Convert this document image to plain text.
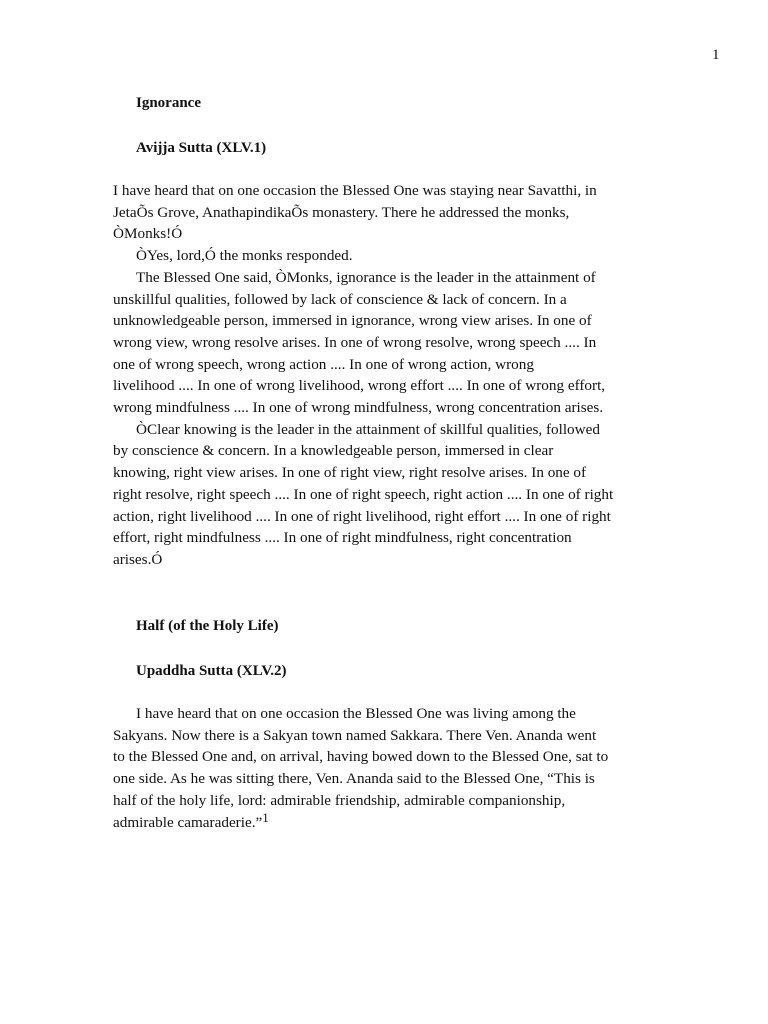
1
Ignorance
Avijja Sutta (XLV.1)
I have heard that on one occasion the Blessed One was staying near Savatthi, in
JetaÕs Grove, AnathapindikaÕs monastery. There he addressed the monks,
ÒMonks!Ó
ÒYes, lord,Ó the monks responded.
The Blessed One said, ÒMonks, ignorance is the leader in the attainment of
unskillful qualities, followed by lack of conscience & lack of concern. In a
unknowledgeable person, immersed in ignorance, wrong view arises. In one of
wrong view, wrong resolve arises. In one of wrong resolve, wrong speech .... In
one of wrong speech, wrong action .... In one of wrong action, wrong
livelihood .... In one of wrong livelihood, wrong effort .... In one of wrong effort,
wrong mindfulness .... In one of wrong mindfulness, wrong concentration arises.
ÒClear knowing is the leader in the attainment of skillful qualities, followed
by conscience & concern. In a knowledgeable person, immersed in clear
knowing, right view arises. In one of right view, right resolve arises. In one of
right resolve, right speech .... In one of right speech, right action .... In one of right
action, right livelihood .... In one of right livelihood, right effort .... In one of right
effort, right mindfulness .... In one of right mindfulness, right concentration
arises.Ó
Half (of the Holy Life)
Upaddha Sutta (XLV.2)
I have heard that on one occasion the Blessed One was living among the
Sakyans. Now there is a Sakyan town named Sakkara. There Ven. Ananda went
to the Blessed One and, on arrival, having bowed down to the Blessed One, sat to
one side. As he was sitting there, Ven. Ananda said to the Blessed One, “This is
half of the holy life, lord: admirable friendship, admirable companionship,
admirable camaraderie.”$^1$
